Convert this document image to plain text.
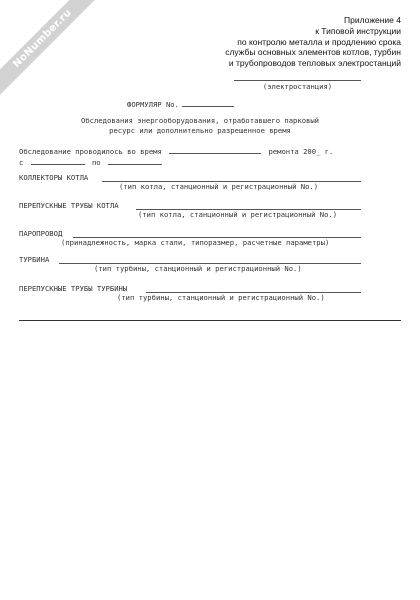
NoNumber.ru	Приложение 4
к Типовой инструкции
по контролю металла и продлению срока
службы основных элементов котлов, турбин
и трубопроводов тепловых электростанций
(электростанция)
ФОРМУЛЯР No.
Обследования энергооборудования, отработавшего парковый
ресурс или дополнительно разрешенное время
Обследование проводилось во время	ремонта 200_ г.
с	по
КОЛЛЕКТОРЫ КОТЛА
(тип котла, станционный и регистрационный No.)
ПЕРЕПУСКНЫЕ ТРУБЫ КОТЛА
(тип котла, станционный и регистрационный No.)
ПАРОПРОВОД
(принадлежность, марка стали, типоразмер, расчетные параметры)
ТУРБИНА
(тип турбины, станционный и регистрационный No.)
ПЕРЕПУСКНЫЕ ТРУБЫ ТУРБИНЫ
(тип турбины, станционный и регистрационный No.)
